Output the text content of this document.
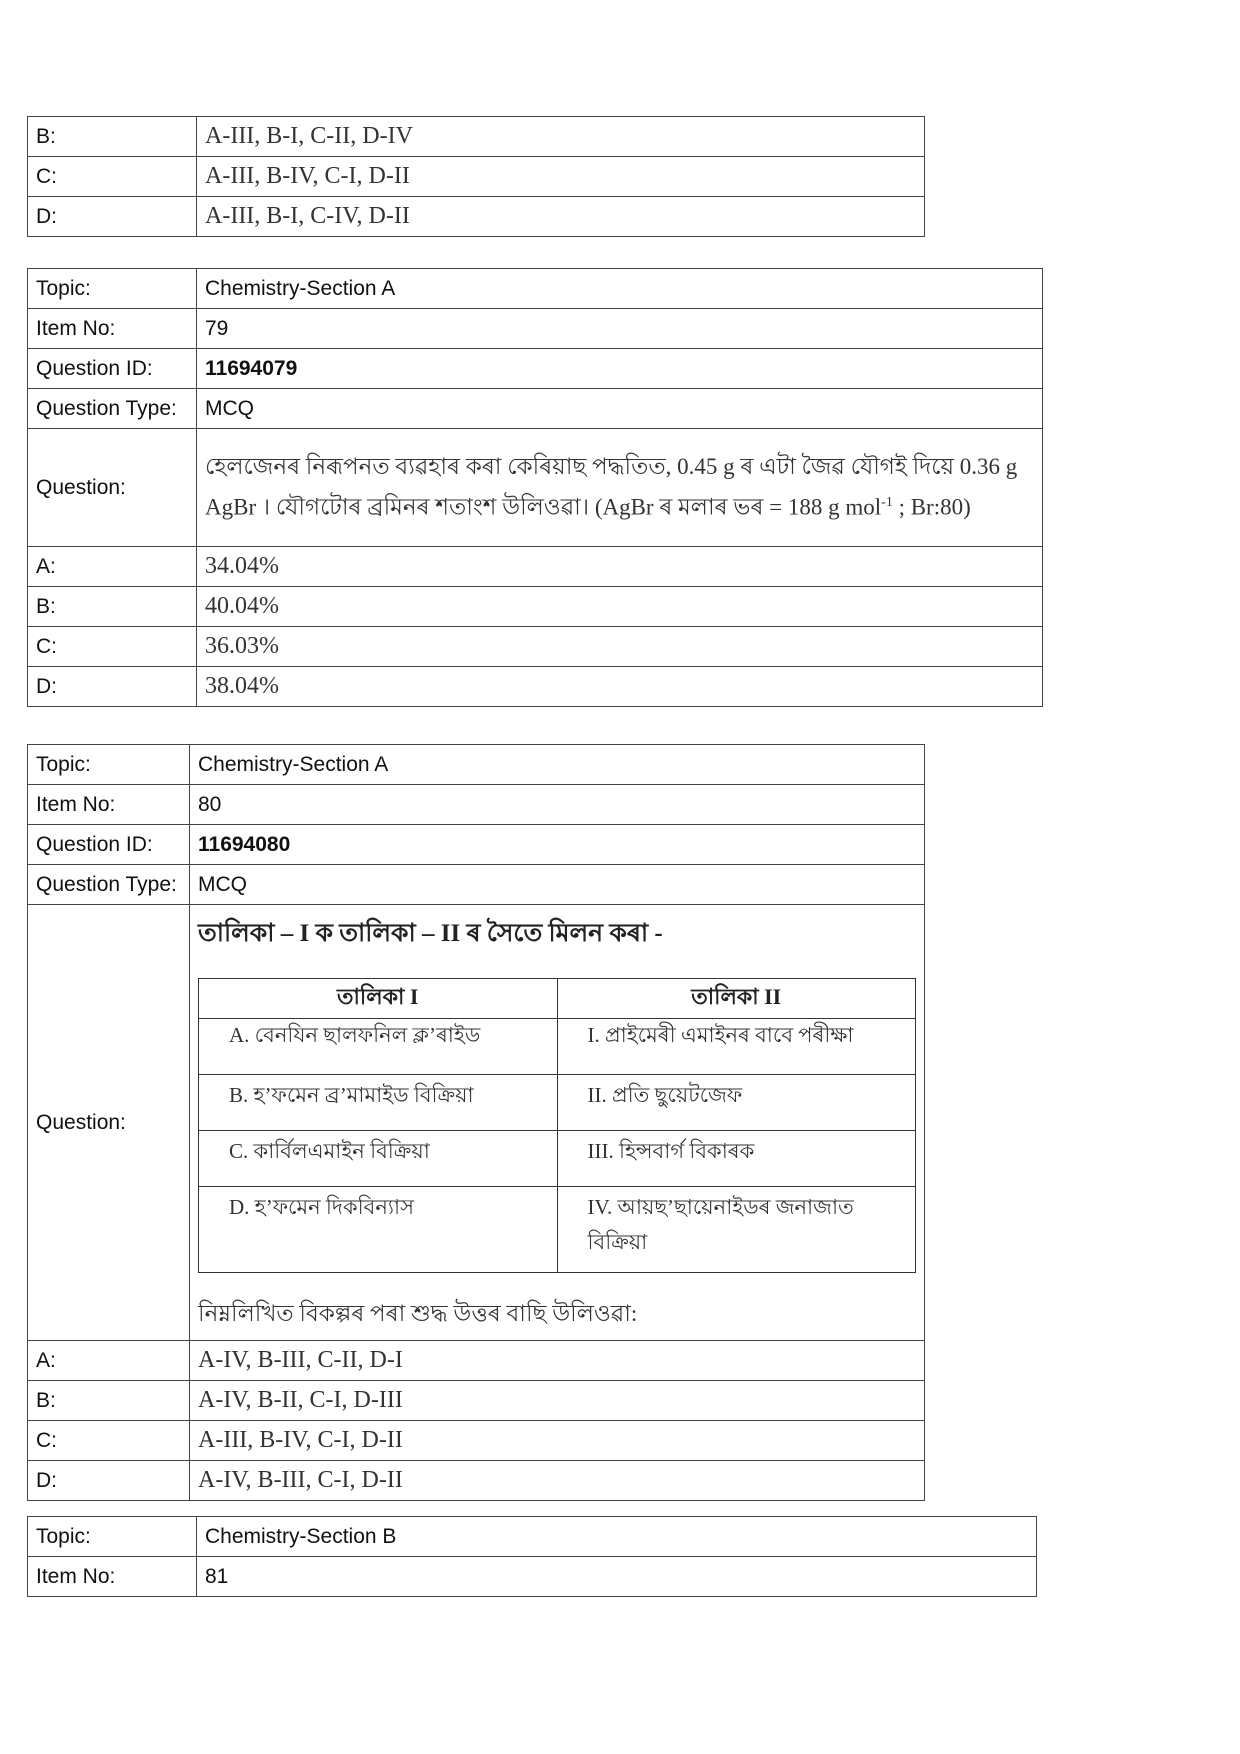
B:	A-III, B-I, C-II, D-IV
C:	A-III, B-IV, C-I, D-II
D:	A-III, B-I, C-IV, D-II
Topic:	Chemistry-Section A
Item No:	79
Question ID:	11694079
Question Type:	MCQ
Question:	হেলজেনৰ নিৰূপনত ব্যৱহাৰ কৰা কেৰিয়াছ পদ্ধতিত, 0.45 g ৰ এটা জৈৱ যৌগই দিয়ে 0.36 g AgBr । যৌগটোৰ ব্ৰমিনৰ শতাংশ উলিওৱা। (AgBr ৰ মলাৰ ভৰ = 188 g mol$^{-1}$ ; Br:80)

A:	34.04%
B:	40.04%
C:	36.03%
D:	38.04%
Topic:	Chemistry-Section A
Item No:	80
Question ID:	11694080
Question Type:	MCQ
Question:	
তালিকা – I ক তালিকা – II ৰ সৈতে মিলন কৰা -
তালিকা I	তালিকা II
A. বেনযিন ছালফনিল ক্ল’ৰাইড	I. প্ৰাইমেৰী এমাইনৰ বাবে পৰীক্ষা
B. হ’ফমেন ব্ৰ’মামাইড বিক্ৰিয়া	II. প্ৰতি ছুয়েটজেফ
C. কাৰ্বিলএমাইন বিক্ৰিয়া	III. হিন্সবাৰ্গ বিকাৰক
D. হ’ফমেন দিকবিন্যাস	IV. আয়ছ’ছায়েনাইডৰ জনাজাত বিক্ৰিয়া
নিম্নলিখিত বিকল্পৰ পৰা শুদ্ধ উত্তৰ বাছি উলিওৱা:

A:	A-IV, B-III, C-II, D-I
B:	A-IV, B-II, C-I, D-III
C:	A-III, B-IV, C-I, D-II
D:	A-IV, B-III, C-I, D-II
Topic:	Chemistry-Section B
Item No:	81
